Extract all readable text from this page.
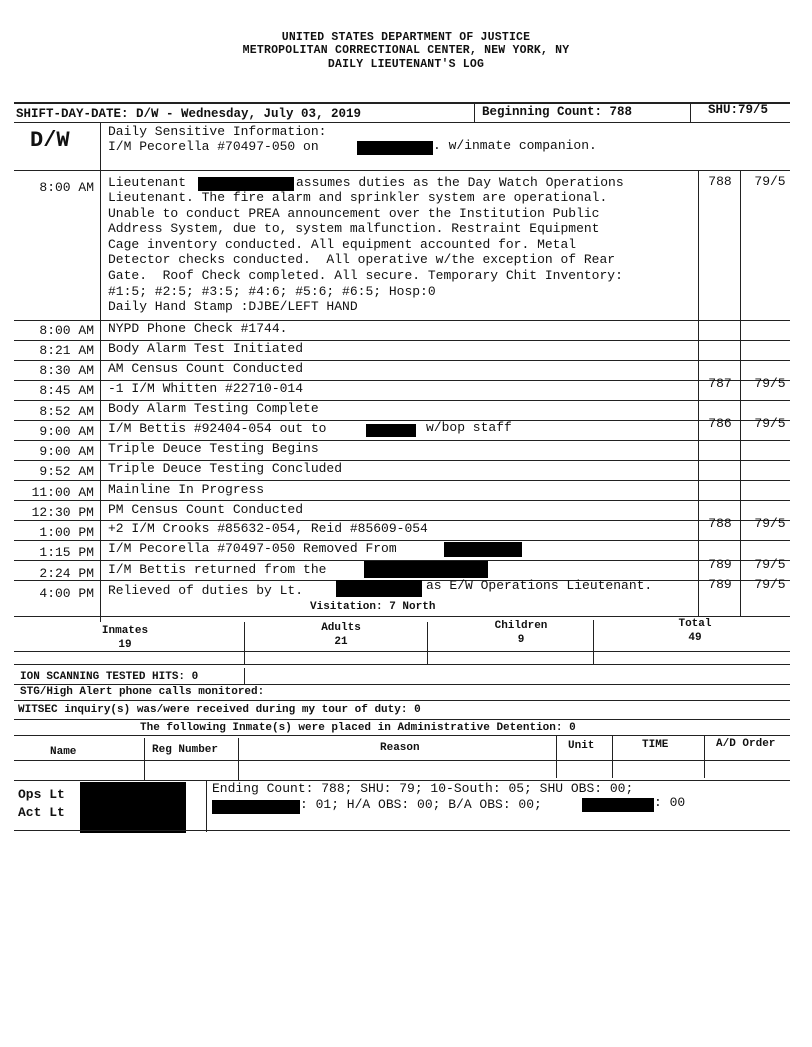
UNITED STATES DEPARTMENT OF JUSTICE
METROPOLITAN CORRECTIONAL CENTER, NEW YORK, NY
DAILY LIEUTENANT'S LOG
SHIFT-DAY-DATE: D/W - Wednesday, July 03, 2019	Beginning Count: 788	SHU:79/5
D/W	Daily Sensitive Information:
I/M Pecorella #70497-050 on	. w/inmate companion.
8:00 AM Lieutenant	assumes duties as the Day Watch Operations
Lieutenant. The fire alarm and sprinkler system are operational.
Unable to conduct PREA announcement over the Institution Public
Address System, due to, system malfunction. Restraint Equipment
Cage inventory conducted. All equipment accounted for. Metal
Detector checks conducted.  All operative w/the exception of Rear
Gate.  Roof Check completed. All secure. Temporary Chit Inventory:
#1:5; #2:5; #3:5; #4:6; #5:6; #6:5; Hosp:0
Daily Hand Stamp :DJBE/LEFT HAND
788	79/5
8:00 AM NYPD Phone Check #1744.
8:21 AM Body Alarm Test Initiated
8:30 AM AM Census Count Conducted
8:45 AM -1 I/M Whitten #22710-014	787	79/5
8:52 AM Body Alarm Testing Complete
9:00 AM I/M Bettis #92404-054 out to	w/bop staff	786	79/5
9:00 AM Triple Deuce Testing Begins
9:52 AM Triple Deuce Testing Concluded
11:00 AM Mainline In Progress
12:30 PM PM Census Count Conducted
1:00 PM +2 I/M Crooks #85632-054, Reid #85609-054	788	79/5
1:15 PM I/M Pecorella #70497-050 Removed From
2:24 PM I/M Bettis returned from the	789	79/5
4:00 PM Relieved of duties by Lt.	as E/W Operations Lieutenant.	789	79/5
Visitation: 7 North
Inmates
19
Adults
21
Children
9
Total
49
ION SCANNING TESTED HITS: 0
STG/High Alert phone calls monitored:
WITSEC inquiry(s) was/were received during my tour of duty: 0
The following Inmate(s) were placed in Administrative Detention: 0
Name	Reg Number	Reason	Unit	TIME	A/D Order
Ops Lt
Act Lt
Ending Count: 788; SHU: 79; 10-South: 05; SHU OBS: 00;
: 01; H/A OBS: 00; B/A OBS: 00;	: 00
